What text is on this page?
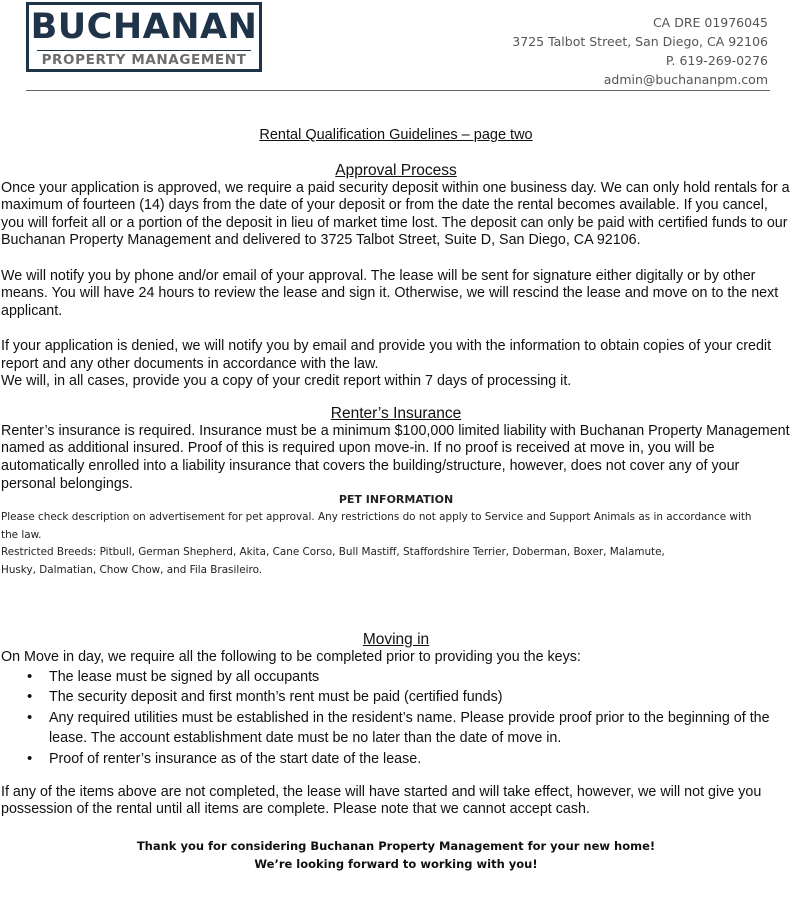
BUCHANAN
PROPERTY MANAGEMENT
CA DRE 01976045
3725 Talbot Street, San Diego, CA 92106
P. 619-269-0276
admin@buchananpm.com
Rental Qualification Guidelines – page two
Approval Process

Once your application is approved, we require a paid security deposit within one business day. We can only hold rentals for a maximum of fourteen (14) days from the date of your deposit or from the date the rental becomes available. If you cancel, you will forfeit all or a portion of the deposit in lieu of market time lost. The deposit can only be paid with certified funds to our Buchanan Property Management and delivered to 3725 Talbot Street, Suite D, San Diego, CA 92106.

We will notify you by phone and/or email of your approval. The lease will be sent for signature either digitally or by other means. You will have 24 hours to review the lease and sign it. Otherwise, we will rescind the lease and move on to the next applicant.

If your application is denied, we will notify you by email and provide you with the information to obtain copies of your credit report and any other documents in accordance with the law.

We will, in all cases, provide you a copy of your credit report within 7 days of processing it.

Renter’s Insurance

Renter’s insurance is required. Insurance must be a minimum $100,000 limited liability with Buchanan Property Management named as additional insured. Proof of this is required upon move-in. If no proof is received at move in, you will be automatically enrolled into a liability insurance that covers the building/structure, however, does not cover any of your personal belongings.

PET INFORMATION

Please check description on advertisement for pet approval. Any restrictions do not apply to Service and Support Animals as in accordance with the law.

Restricted Breeds: Pitbull, German Shepherd, Akita, Cane Corso, Bull Mastiff, Staffordshire Terrier, Doberman, Boxer, Malamute, Husky, Dalmatian, Chow Chow, and Fila Brasileiro.

Moving in

On Move in day, we require all the following to be completed prior to providing you the keys:

• The lease must be signed by all occupants
• The security deposit and first month’s rent must be paid (certified funds)
• Any required utilities must be established in the resident’s name. Please provide proof prior to the beginning of the lease. The account establishment date must be no later than the date of move in.
• Proof of renter’s insurance as of the start date of the lease.

If any of the items above are not completed, the lease will have started and will take effect, however, we will not give you possession of the rental until all items are complete. Please note that we cannot accept cash.

Thank you for considering Buchanan Property Management for your new home!
We’re looking forward to working with you!
